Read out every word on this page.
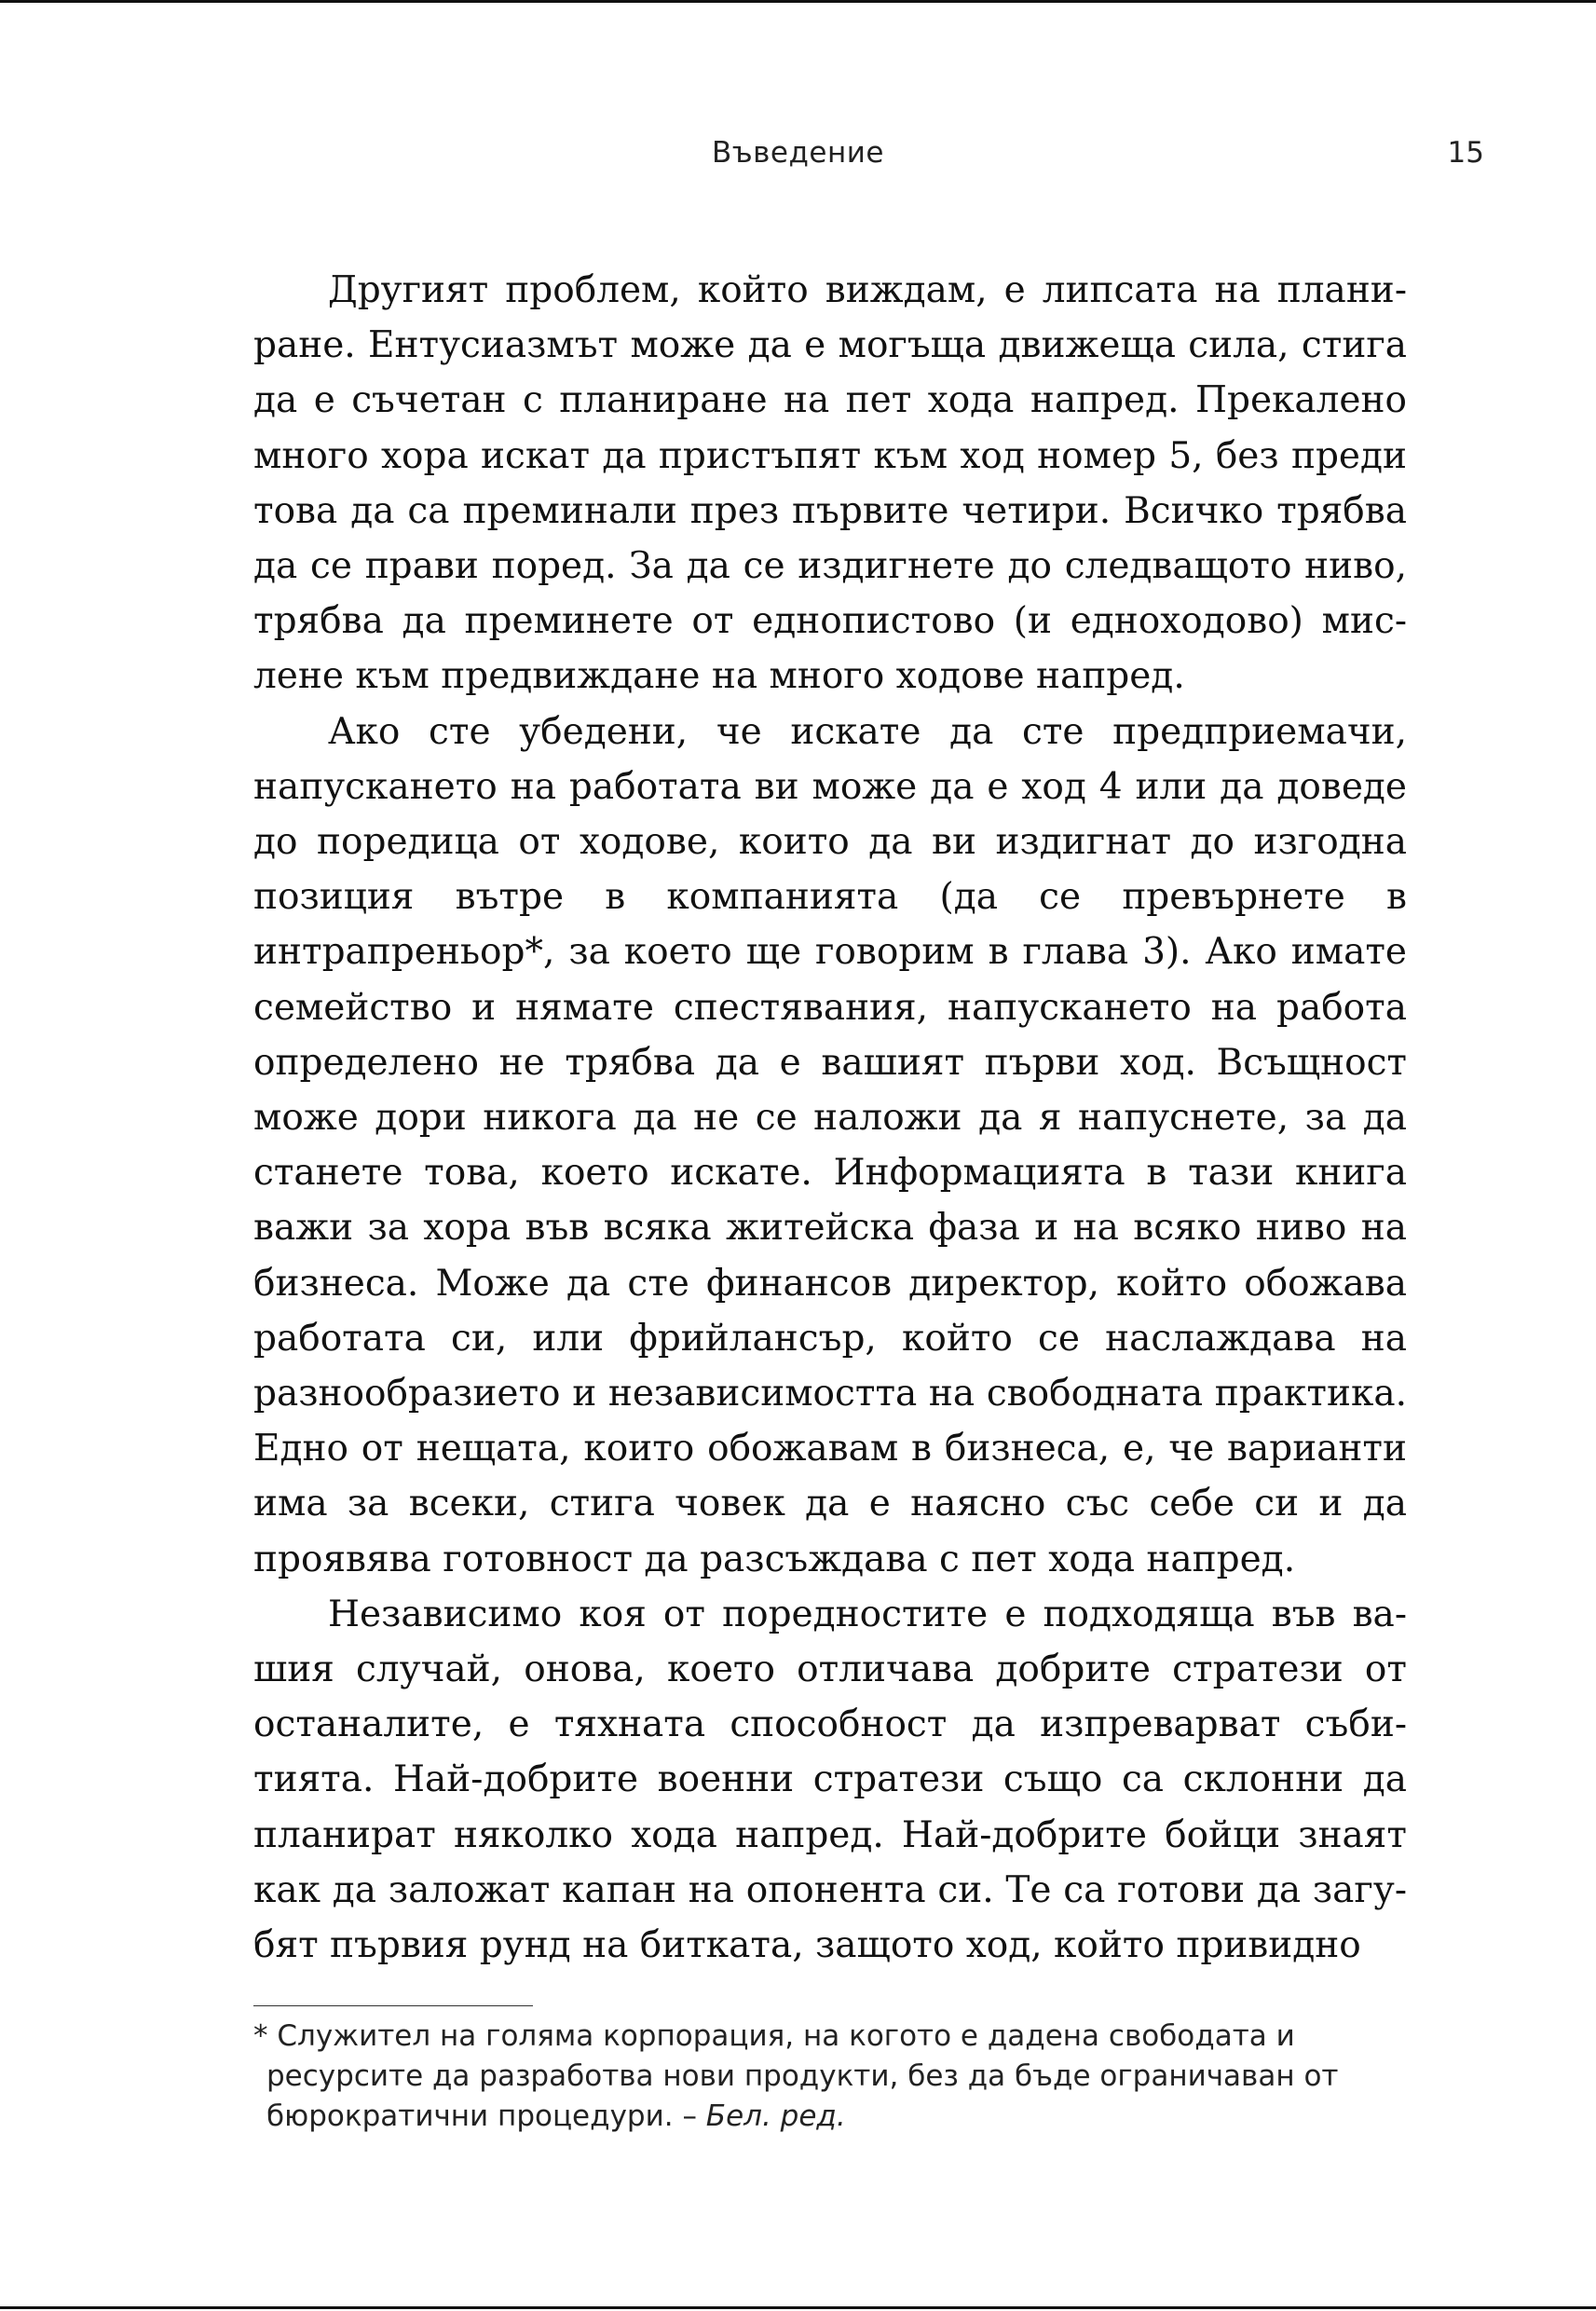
Въведение	15

Другият проблем, който виждам, е липсата на планиране. Ентусиазмът може да е могъща движеща сила, стига да е съчетан с планиране на пет хода напред. Прекалено много хора искат да пристъпят към ход номер 5, без преди това да са преминали през първите четири. Всичко трябва да се прави поред. За да се издигнете до следващото ниво, трябва да преминете от еднопистово (и едноходово) мислене към предвиждане на много ходове напред.

Ако сте убедени, че искате да сте предприемачи, напускането на работата ви може да е ход 4 или да доведе до поредица от ходове, които да ви издигнат до изгодна позиция вътре в компанията (да се превърнете в интрапреньор*, за което ще говорим в глава 3). Ако имате семейство и нямате спестявания, напускането на работа определено не трябва да е вашият първи ход. Всъщност може дори никога да не се наложи да я напуснете, за да станете това, което искате. Информацията в тази книга важи за хора във всяка житейска фаза и на всяко ниво на бизнеса. Може да сте финансов директор, който обожава работата си, или фрийлансър, който се наслаждава на разнообразието и независимостта на свободната практика. Едно от нещата, които обожавам в бизнеса, е, че варианти има за всеки, стига човек да е наясно със себе си и да проявява готовност да разсъждава с пет хода напред.

Независимо коя от поредностите е подходяща във вашия случай, онова, което отличава добрите стратези от останалите, е тяхната способност да изпреварват събитията. Най-добрите военни стратези също са склонни да планират няколко хода напред. Най-добрите бойци знаят как да заложат капан на опонента си. Те са готови да загубят първия рунд на битката, защото ход, който привидно

* Служител на голяма корпорация, на когото е дадена свободата и ресурсите да разработва нови продукти, без да бъде ограничаван от бюрократични процедури. – Бел. ред.
